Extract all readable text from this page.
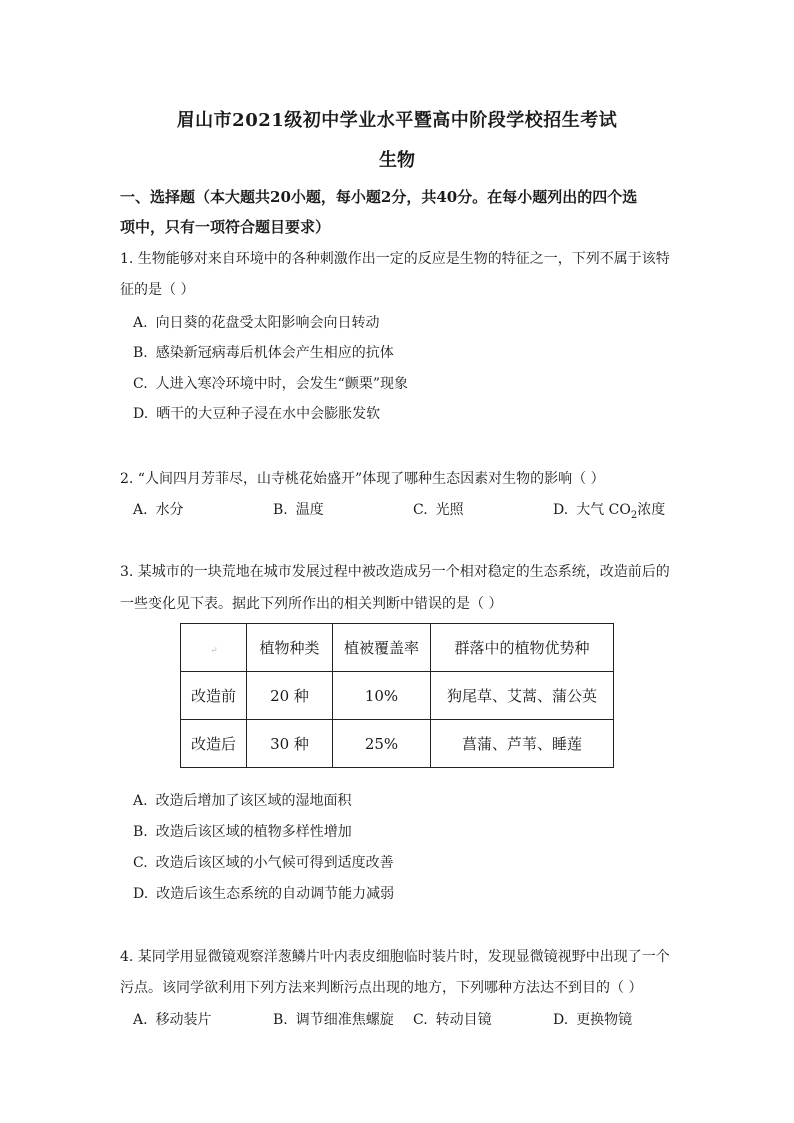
眉山市2021级初中学业水平暨高中阶段学校招生考试
生物
一、选择题（本大题共20小题，每小题2分，共40分。在每小题列出的四个选
项中，只有一项符合题目要求）
1. 生物能够对来自环境中的各种刺激作出一定的反应是生物的特征之一，下列不属于该特
征的是（ ）
A. 向日葵的花盘受太阳影响会向日转动
B. 感染新冠病毒后机体会产生相应的抗体
C. 人进入寒冷环境中时，会发生“颤栗”现象
D. 晒干的大豆种子浸在水中会膨胀发软
2. “人间四月芳菲尽，山寺桃花始盛开”体现了哪种生态因素对生物的影响（ ）
A. 水分	B. 温度	C. 光照	D. 大气 $CO_2$浓度
3. 某城市的一块荒地在城市发展过程中被改造成另一个相对稳定的生态系统，改造前后的
一些变化见下表。据此下列所作出的相关判断中错误的是（ ）
↵	植物种类	植被覆盖率	群落中的植物优势种
改造前	20 种	10%	狗尾草、艾蒿、蒲公英
改造后	30 种	25%	菖蒲、芦苇、睡莲
A. 改造后增加了该区域的湿地面积
B. 改造后该区域的植物多样性增加
C. 改造后该区域的小气候可得到适度改善
D. 改造后该生态系统的自动调节能力减弱
4. 某同学用显微镜观察洋葱鳞片叶内表皮细胞临时装片时，发现显微镜视野中出现了一个
污点。该同学欲利用下列方法来判断污点出现的地方，下列哪种方法达不到目的（ ）
A. 移动装片	B. 调节细准焦螺旋 C. 转动目镜	D. 更换物镜
